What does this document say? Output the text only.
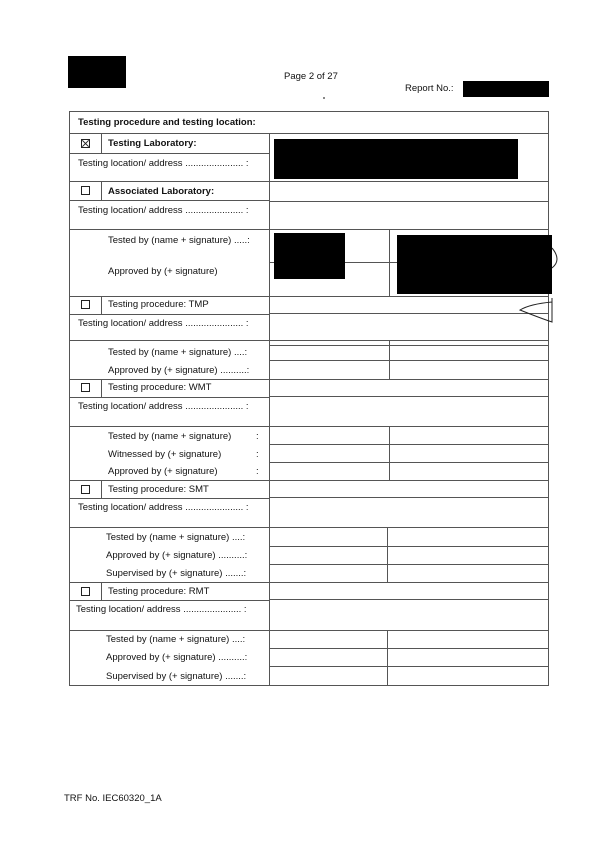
Page 2 of 27
Report No.:
Testing procedure and testing location:
Testing Laboratory:
Testing location/ address ...................... :
Associated Laboratory:
Testing location/ address ...................... :
Tested by (name + signature) .....:
Approved by (+ signature)
Testing procedure: TMP
Testing location/ address ...................... :
Tested by (name + signature) ....:
Approved by (+ signature) ..........:
Testing procedure: WMT
Testing location/ address ...................... :
Tested by (name + signature)
Witnessed by (+ signature)
Approved by (+ signature)
:
:
:
Testing procedure: SMT
Testing location/ address ...................... :
Tested by (name + signature) ....:
Approved by (+ signature) ..........:
Supervised by (+ signature) .......:
Testing procedure: RMT
Testing location/ address ...................... :
Tested by (name + signature) ....:
Approved by (+ signature) ..........:
Supervised by (+ signature) .......:
TRF No. IEC60320_1A
